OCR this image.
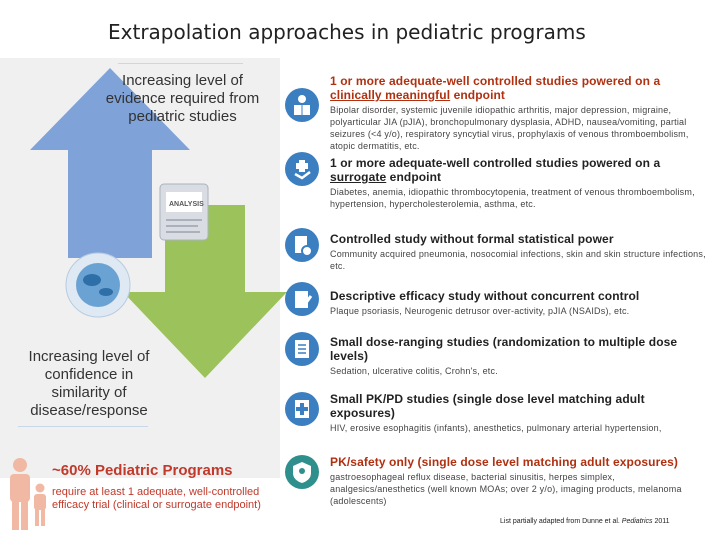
Extrapolation approaches in pediatric programs
ANALYSIS
Increasing level of evidence required from pediatric studies
Increasing level of confidence in similarity of disease/response
~60% Pediatric Programs
require at least 1 adequate, well-controlled efficacy trial (clinical or surrogate endpoint)
1 or more adequate-well controlled studies powered on a clinically meaningful endpoint
Bipolar disorder, systemic juvenile idiopathic arthritis, major depression, migraine, polyarticular JIA (pJIA), bronchopulmonary dysplasia, ADHD, nausea/vomiting, partial seizures (<4 y/o), respiratory syncytial virus, prophylaxis of venous thromboembolism, atopic dermatitis, etc.
1 or more adequate-well controlled studies powered on a surrogate endpoint
Diabetes, anemia, idiopathic thrombocytopenia, treatment of venous thromboembolism, hypertension, hypercholesterolemia, asthma, etc.
Controlled study without formal statistical power
Community acquired pneumonia, nosocomial infections, skin and skin structure infections, etc.
Descriptive efficacy study without concurrent control
Plaque psoriasis, Neurogenic detrusor over-activity, pJIA (NSAIDs), etc.
Small dose-ranging studies (randomization to multiple dose levels)
Sedation, ulcerative colitis, Crohn's, etc.
Small PK/PD studies (single dose level matching adult exposures)
HIV, erosive esophagitis (infants), anesthetics, pulmonary arterial hypertension,
PK/safety only (single dose level matching adult exposures)
gastroesophageal reflux disease, bacterial sinusitis, herpes simplex, analgesics/anesthetics (well known MOAs; over 2 y/o), imaging products, melanoma (adolescents)
List partially adapted from Dunne et al. Pediatrics 2011
